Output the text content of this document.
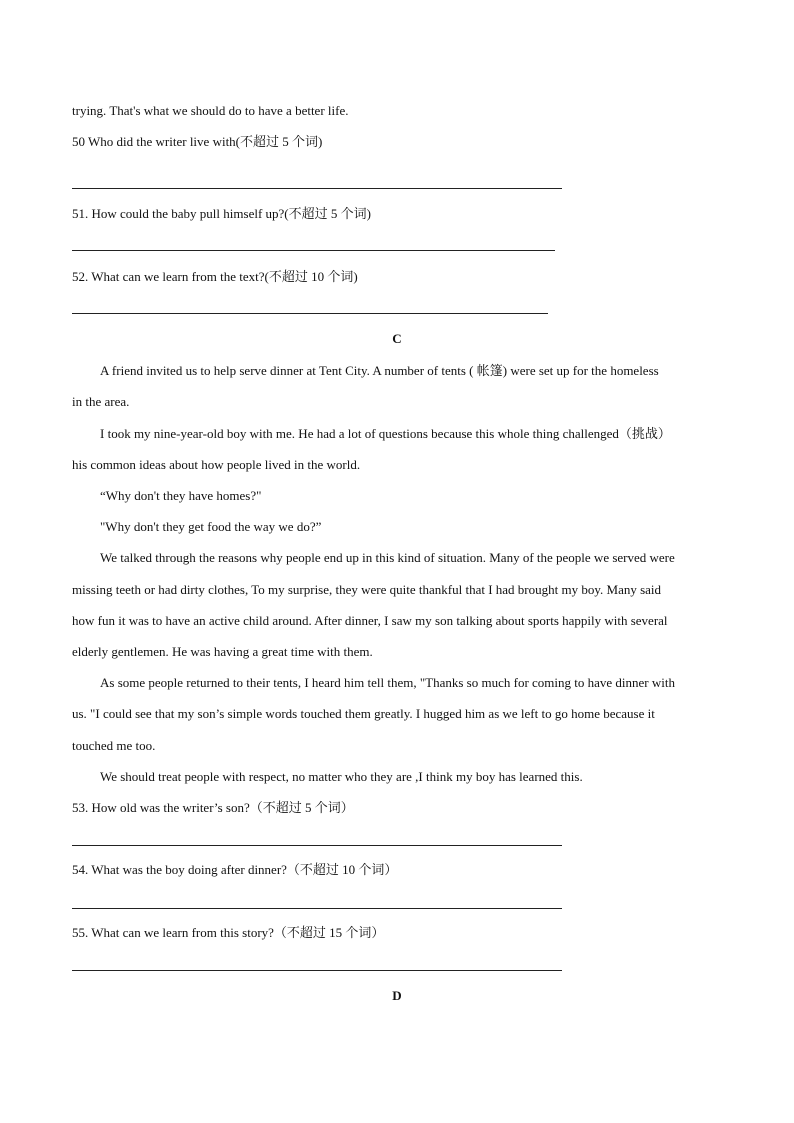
trying. That's what we should do to have a better life.
50 Who did the writer live with(不超过 5 个词)
51. How could the baby pull himself up?(不超过 5 个词)
52. What can we learn from the text?(不超过 10 个词)
C
A friend invited us to help serve dinner at Tent City. A number of tents ( 帐篷) were set up for the homeless
in the area.
I took my nine-year-old boy with me. He had a lot of questions because this whole thing challenged（挑战）
his common ideas about how people lived in the world.
“Why don't they have homes?"
"Why don't they get food the way we do?”
We talked through the reasons why people end up in this kind of situation. Many of the people we served were
missing teeth or had dirty clothes, To my surprise, they were quite thankful that I had brought my boy. Many said
how fun it was to have an active child around. After dinner, I saw my son talking about sports happily with several
elderly gentlemen. He was having a great time with them.
As some people returned to their tents, I heard him tell them, "Thanks so much for coming to have dinner with
us. "I could see that my son’s simple words touched them greatly. I hugged him as we left to go home because it
touched me too.
We should treat people with respect, no matter who they are ,I think my boy has learned this.
53. How old was the writer’s son?（不超过 5 个词）
54. What was the boy doing after dinner?（不超过 10 个词）
55. What can we learn from this story?（不超过 15 个词）
D
